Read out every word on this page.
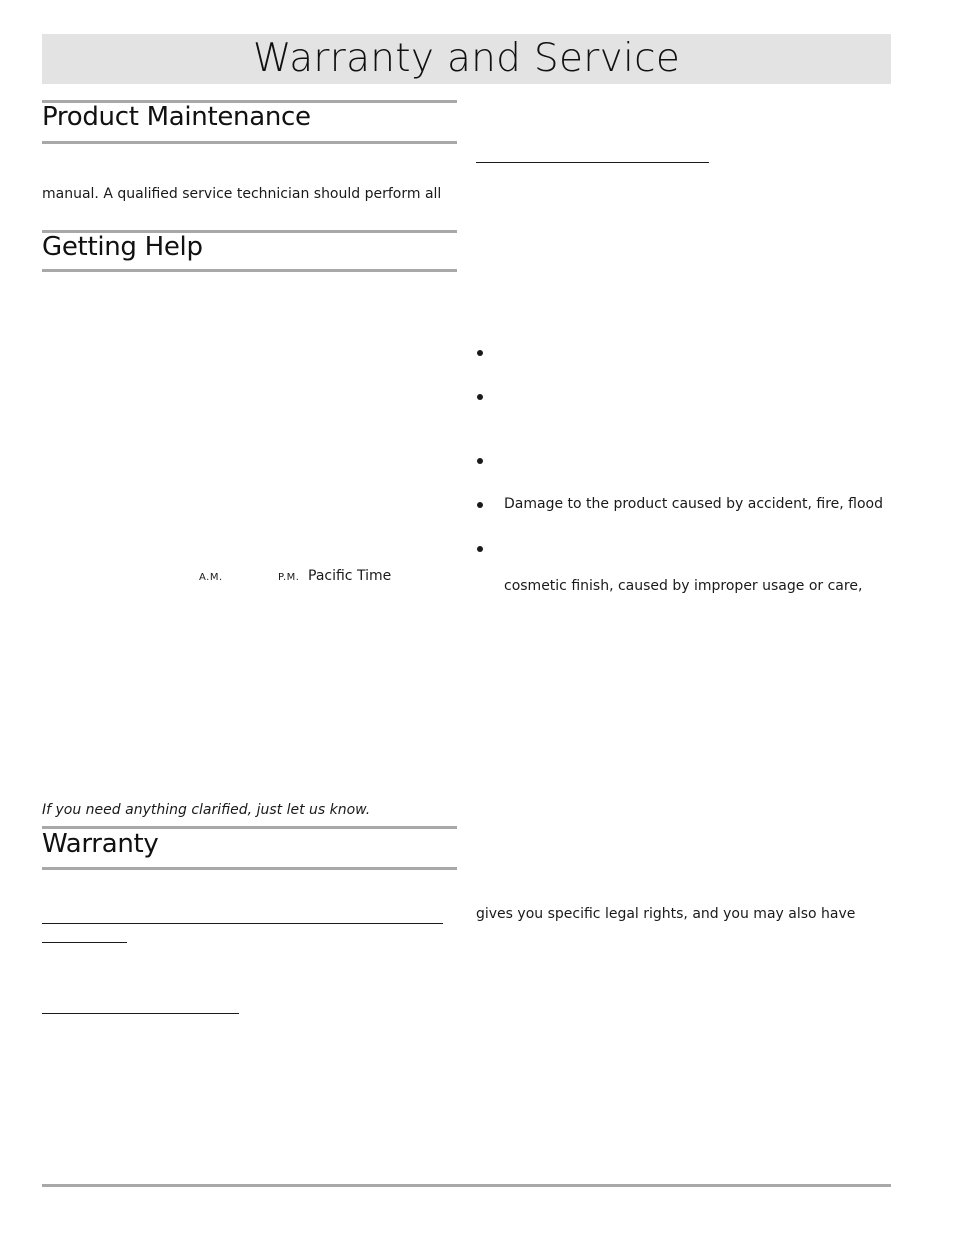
Warranty and Service
Product Maintenance
manual. A qualified service technician should perform all
Getting Help
A.M.	P.M. Pacific Time
If you need anything clarified, just let us know.
Warranty
Damage to the product caused by accident, fire, flood
cosmetic finish, caused by improper usage or care,
gives you specific legal rights, and you may also have
